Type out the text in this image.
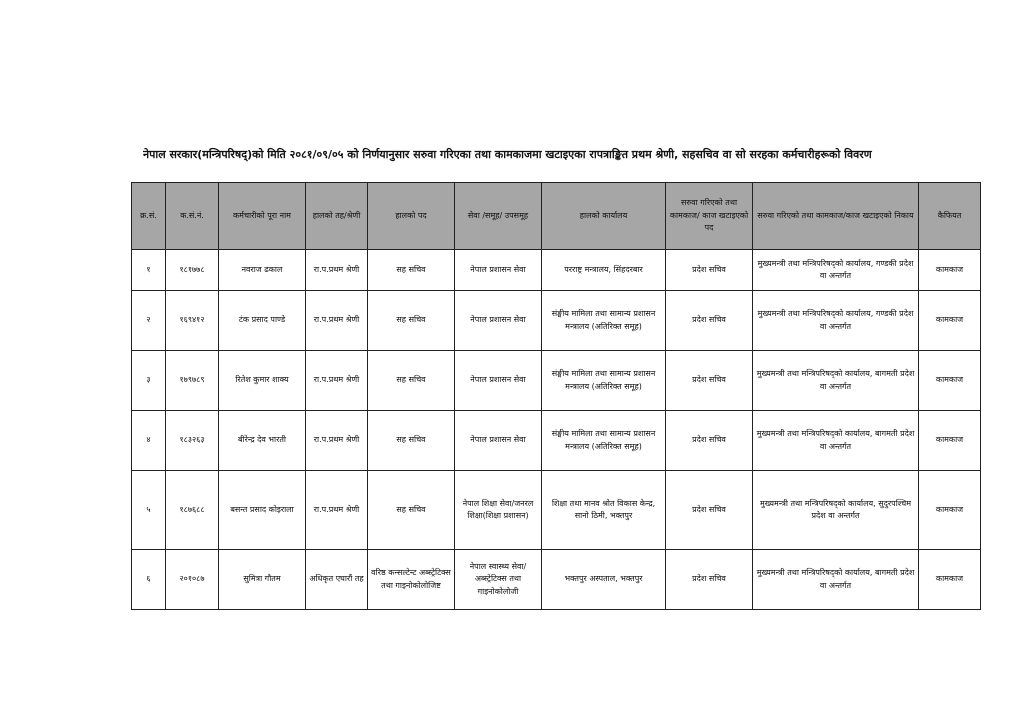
नेपाल सरकार(मन्त्रिपरिषद्)को मिति २०८१/०९/०५ को निर्णयानुसार सरुवा गरिएका तथा कामकाजमा खटाइएका रापत्राङ्कित प्रथम श्रेणी, सहसचिव वा सो सरहका कर्मचारीहरूको विवरण
क्र.सं.	क.सं.नं.	कर्मचारीको पूरा नाम	हालको तह/श्रेणी	हालको पद	सेवा /समूह/ उपसमूह	हालको कार्यालय	सरुवा गरिएको तथा कामकाज/ काज खटाइएको पद	सरुवा गरिएको तथा कामकाज/काज खटाइएको निकाय	कैफियत
१	१८१७७८	नवराज ढकाल	रा.प.प्रथम श्रेणी	सह सचिव	नेपाल प्रशासन सेवा	परराष्ट्र मन्त्रालय, सिंहदरबार	प्रदेश सचिव	मुख्यमन्त्री तथा मन्त्रिपरिषद्को कार्यालय, गण्डकी प्रदेश वा अन्तर्गत	कामकाज
२	१६९४१२	टंक प्रसाद पाण्डे	रा.प.प्रथम श्रेणी	सह सचिव	नेपाल प्रशासन सेवा	संङ्घीय मामिला तथा सामान्य प्रशासन मन्त्रालय (अतिरिक्त समूह)	प्रदेश सचिव	मुख्यमन्त्री तथा मन्त्रिपरिषद्को कार्यालय, गण्डकी प्रदेश वा अन्तर्गत	कामकाज
३	१७९७८९	रितेश कुमार शाक्य	रा.प.प्रथम श्रेणी	सह सचिव	नेपाल प्रशासन सेवा	संङ्घीय मामिला तथा सामान्य प्रशासन मन्त्रालय (अतिरिक्त समूह)	प्रदेश सचिव	मुख्यमन्त्री तथा मन्त्रिपरिषद्को कार्यालय, बागमती प्रदेश वा अन्तर्गत	कामकाज
४	१८३२६३	बीरेन्द्र देव भारती	रा.प.प्रथम श्रेणी	सह सचिव	नेपाल प्रशासन सेवा	संङ्घीय मामिला तथा सामान्य प्रशासन मन्त्रालय (अतिरिक्त समूह)	प्रदेश सचिव	मुख्यमन्त्री तथा मन्त्रिपरिषद्को कार्यालय, बागमती प्रदेश वा अन्तर्गत	कामकाज
५	१८७६८८	बसन्त प्रसाद कोइराला	रा.प.प्रथम श्रेणी	सह सचिव	नेपाल शिक्षा सेवा/जनरल शिक्षा(शिक्षा प्रशासन)	शिक्षा तथा मानव श्रोत विकास केन्द्र, सानो ठिमी, भक्तपुर	प्रदेश सचिव	मुख्यमन्त्री तथा मन्त्रिपरिषद्को कार्यालय, सुदुरपश्चिम प्रदेश वा अन्तर्गत	कामकाज
६	२०१०८७	सुमित्रा गौतम	अधिकृत एघारौं तह	वरिष्ठ कन्सल्टेन्ट अब्स्ट्रेटिक्स तथा गाइनोकोलोजिष्ट	नेपाल स्वास्थ्य सेवा/अब्स्ट्रेटिक्स तथा गाइनोकोलोजी	भक्तपुर अस्पताल, भक्तपुर	प्रदेश सचिव	मुख्यमन्त्री तथा मन्त्रिपरिषद्को कार्यालय, बागमती प्रदेश वा अन्तर्गत	कामकाज
